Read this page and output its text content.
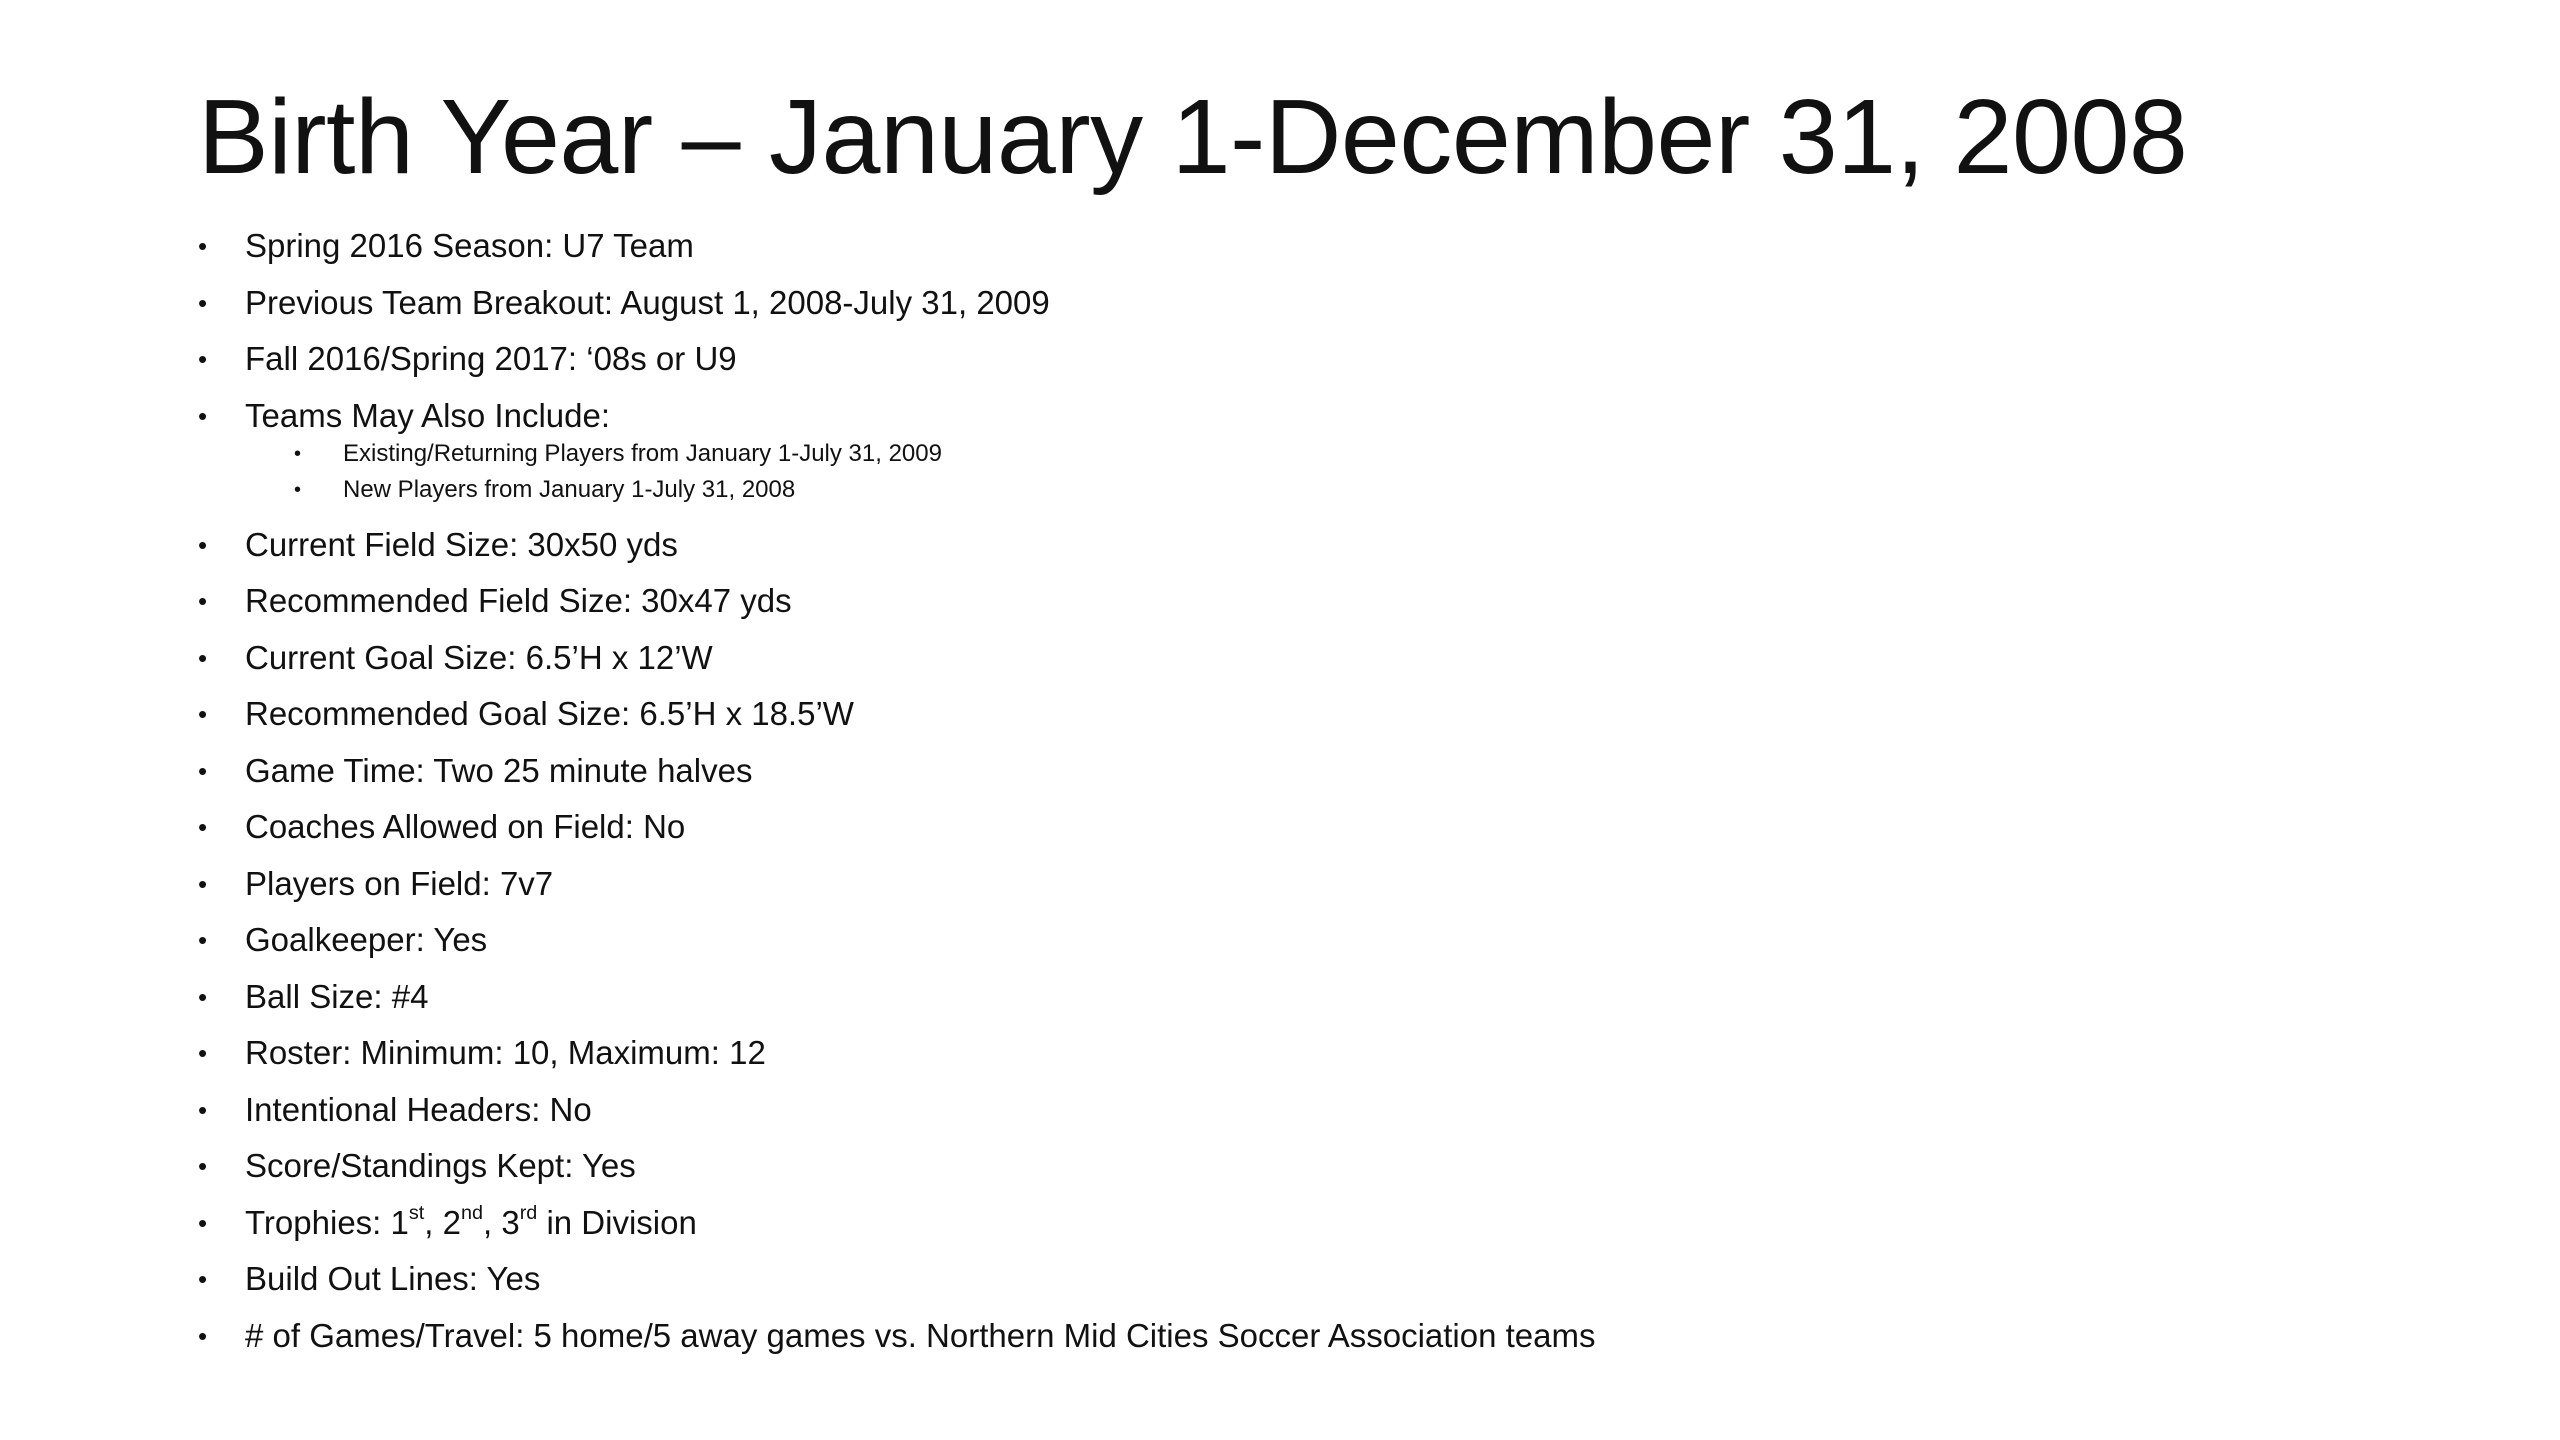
Birth Year – January 1-December 31, 2008
• Spring 2016 Season: U7 Team
• Previous Team Breakout: August 1, 2008-July 31, 2009
• Fall 2016/Spring 2017: ‘08s or U9
• Teams May Also Include:
• Existing/Returning Players from January 1-July 31, 2009
• New Players from January 1-July 31, 2008
• Current Field Size: 30x50 yds
• Recommended Field Size: 30x47 yds
• Current Goal Size: 6.5’H x 12’W
• Recommended Goal Size: 6.5’H x 18.5’W
• Game Time: Two 25 minute halves
• Coaches Allowed on Field: No
• Players on Field: 7v7
• Goalkeeper: Yes
• Ball Size: #4
• Roster: Minimum: 10, Maximum: 12
• Intentional Headers: No
• Score/Standings Kept: Yes
• Trophies: 1st, 2nd, 3rd in Division
• Build Out Lines: Yes
• # of Games/Travel: 5 home/5 away games vs. Northern Mid Cities Soccer Association teams
